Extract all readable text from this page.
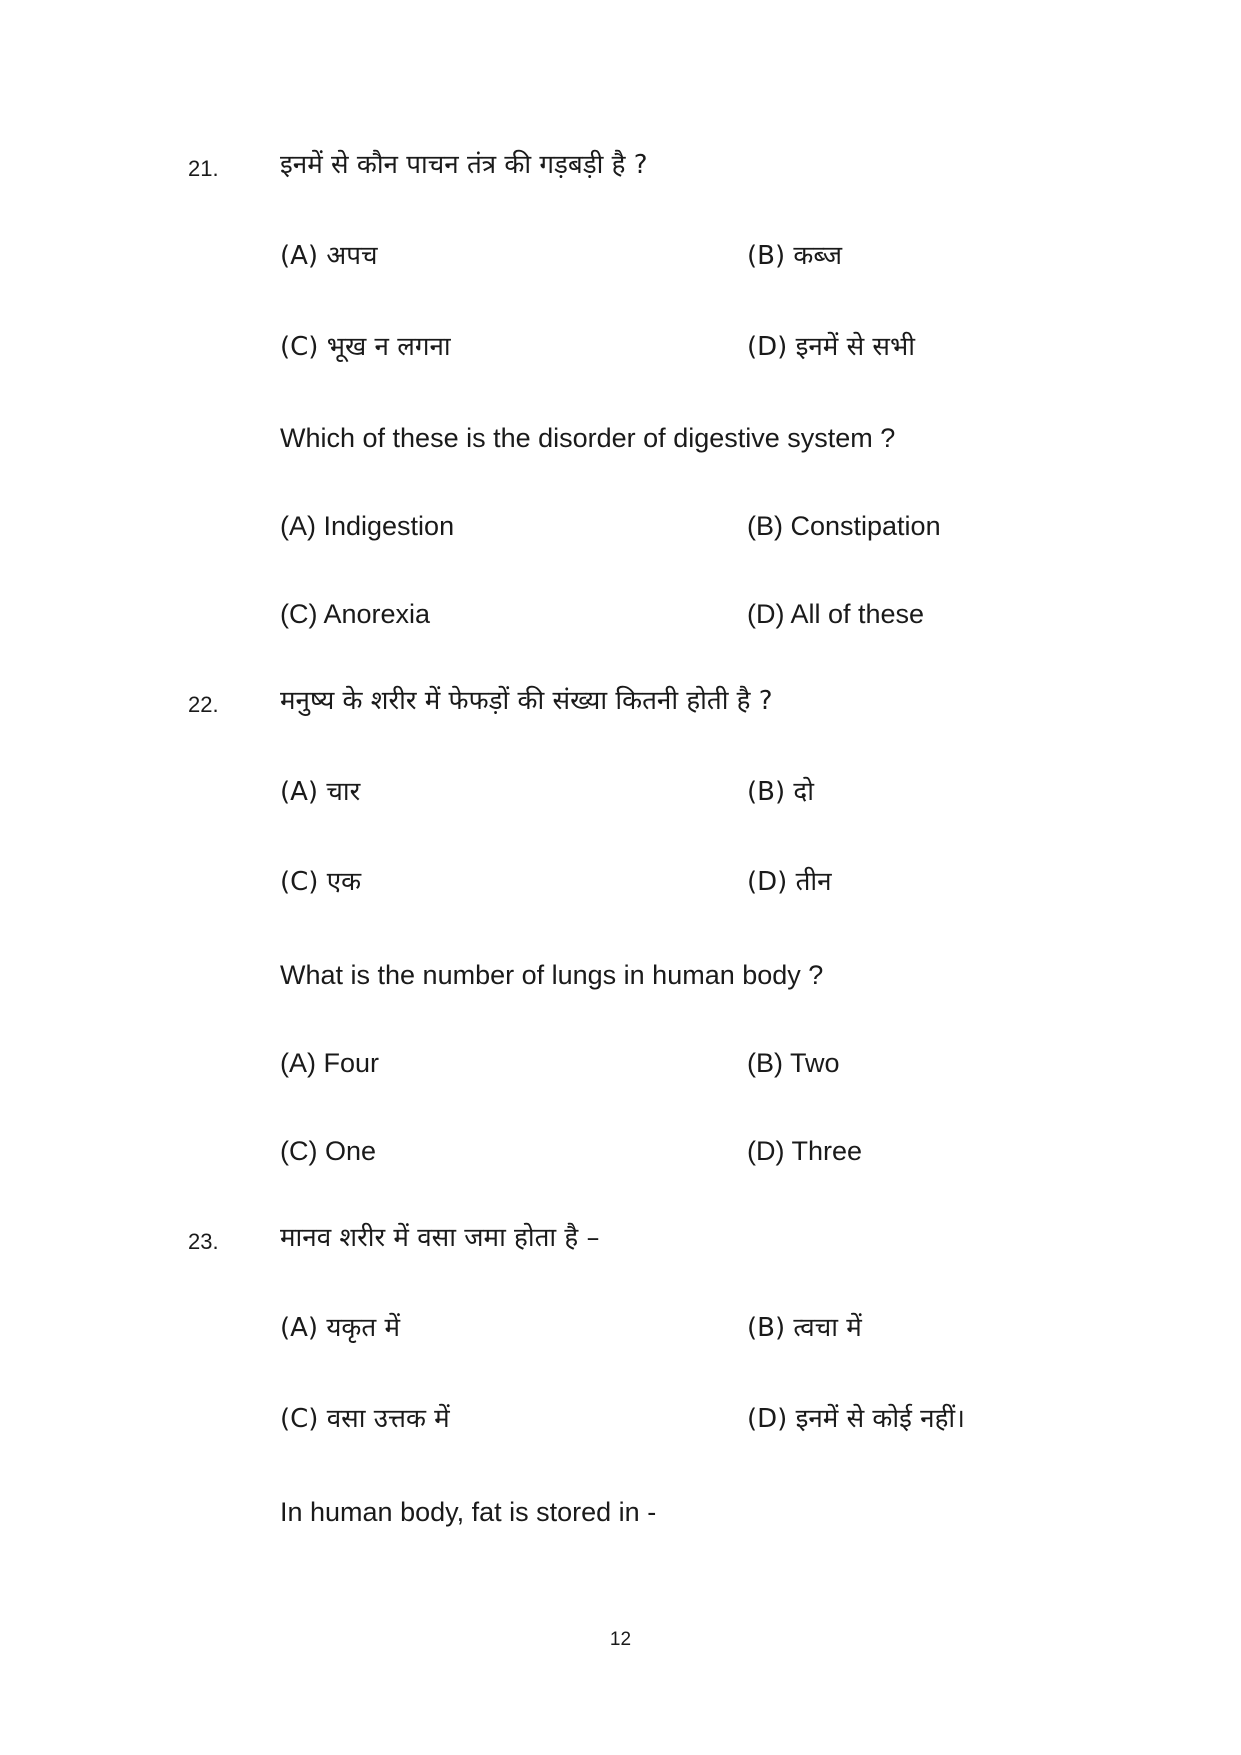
21. इनमें से कौन पाचन तंत्र की गड़बड़ी है ?
(A) अपच	(B) कब्ज
(C) भूख न लगना	(D) इनमें से सभी
Which of these is the disorder of digestive system ?
(A) Indigestion	(B) Constipation
(C) Anorexia	(D) All of these
22. मनुष्य के शरीर में फेफड़ों की संख्या कितनी होती है ?
(A) चार	(B) दो
(C) एक	(D) तीन
What is the number of lungs in human body ?
(A) Four	(B) Two
(C) One	(D) Three
23. मानव शरीर में वसा जमा होता है –
(A) यकृत में	(B) त्वचा में
(C) वसा उत्तक में	(D) इनमें से कोई नहीं।
In human body, fat is stored in -
12
